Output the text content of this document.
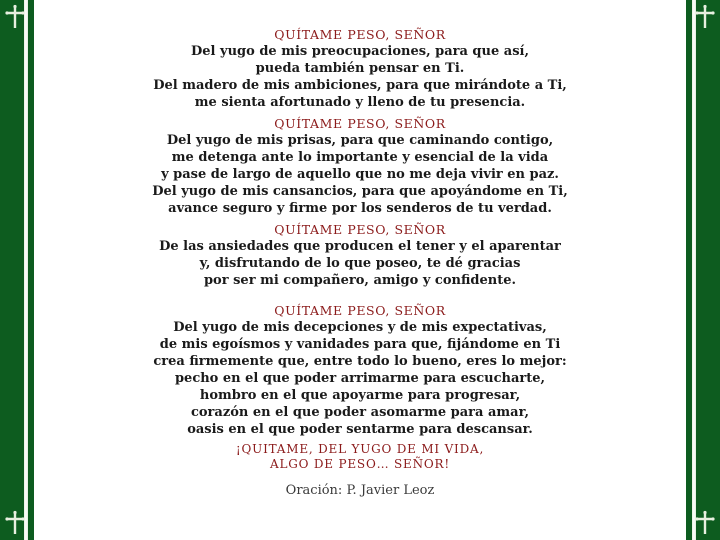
QUÍTAME PESO, SEÑOR

Del yugo de mis preocupaciones, para que así,

pueda también pensar en Ti.

Del madero de mis ambiciones, para que mirándote a Ti,

me sienta afortunado y lleno de tu presencia.

QUÍTAME PESO, SEÑOR

Del yugo de mis prisas, para que caminando contigo,

me detenga ante lo importante y esencial de la vida

y pase de largo de aquello que no me deja vivir en paz.

Del yugo de mis cansancios, para que apoyándome en Ti,

avance seguro y firme por los senderos de tu verdad.

QUÍTAME PESO, SEÑOR

De las ansiedades que producen el tener y el aparentar

y, disfrutando de lo que poseo, te dé gracias

por ser mi compañero, amigo y confidente.

QUÍTAME PESO, SEÑOR

Del yugo de mis decepciones y de mis expectativas,

de mis egoísmos y vanidades para que, fijándome en Ti

crea firmemente que, entre todo lo bueno, eres lo mejor:

pecho en el que poder arrimarme para escucharte,

hombro en el que apoyarme para progresar,

corazón en el que poder asomarme para amar,

oasis en el que poder sentarme para descansar.

¡QUITAME, DEL YUGO DE MI VIDA,

ALGO DE PESO… SEÑOR!

Oración: P. Javier Leoz
